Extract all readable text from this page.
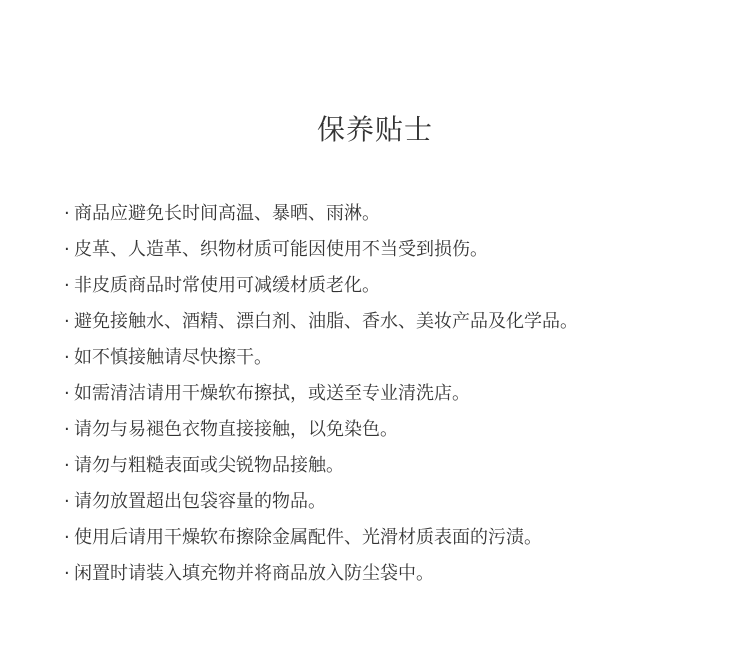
保养贴士
· 商品应避免长时间高温、暴晒、雨淋。
· 皮革、人造革、织物材质可能因使用不当受到损伤。
· 非皮质商品时常使用可减缓材质老化。
· 避免接触水、酒精、漂白剂、油脂、香水、美妆产品及化学品。
· 如不慎接触请尽快擦干。
· 如需清洁请用干燥软布擦拭，或送至专业清洗店。
· 请勿与易褪色衣物直接接触，以免染色。
· 请勿与粗糙表面或尖锐物品接触。
· 请勿放置超出包袋容量的物品。
· 使用后请用干燥软布擦除金属配件、光滑材质表面的污渍。
· 闲置时请装入填充物并将商品放入防尘袋中。
